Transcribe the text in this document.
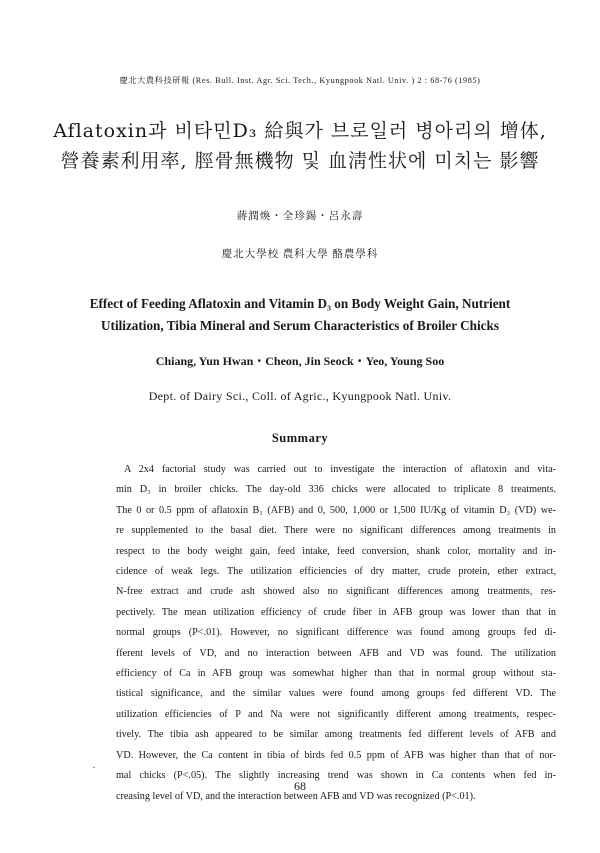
慶北大農科技研報 (Res. Bull. Inst. Agr. Sci. Tech., Kyungpook Natl. Univ. ) 2 : 68-76 (1985)
Aflatoxin과 비타민D₃ 給與가 브로일러 병아리의 增体,
營養素利用率, 脛骨無機物 및 血淸性状에 미치는 影響
蔣潤煥・全珍錫・呂永壽
慶北大學校 農科大學 酪農學科
Effect of Feeding Aflatoxin and Vitamin D₃ on Body Weight Gain, Nutrient
Utilization, Tibia Mineral and Serum Characteristics of Broiler Chicks
Chiang, Yun Hwan・Cheon, Jin Seock・Yeo, Young Soo
Dept. of Dairy Sci., Coll. of Agric., Kyungpook Natl. Univ.
Summary
A 2x4 factorial study was carried out to investigate the interaction of aflatoxin and vita-
min D₃ in broiler chicks. The day-old 336 chicks were allocated to triplicate 8 treatments.
The 0 or 0.5 ppm of aflatoxin B₁ (AFB) and 0, 500, 1,000 or 1,500 IU/Kg of vitamin D₃ (VD) we-
re supplemented to the basal diet. There were no significant differences among treatments in
respect to the body weight gain, feed intake, feed conversion, shank color, mortality and in-
cidence of weak legs. The utilization efficiencies of dry matter, crude protein, ether extract,
N-free extract and crude ash showed also no significant differences among treatments, res-
pectively. The mean utilization efficiency of crude fiber in AFB group was lower than that in
normal groups (P<.01). However, no significant difference was found among groups fed di-
fferent levels of VD, and no interaction between AFB and VD was found. The utilization
efficiency of Ca in AFB group was somewhat higher than that in normal group without sta-
tistical significance, and the similar values were found among groups fed different VD. The
utilization efficiencies of P and Na were not significantly different among treatments, respec-
tively. The tibia ash appeared to be similar among treatments fed different levels of AFB and
VD. However, the Ca content in tibia of birds fed 0.5 ppm of AFB was higher than that of nor-
mal chicks (P<.05). The slightly increasing trend was shown in Ca contents when fed in-
creasing level of VD, and the interaction between AFB and VD was recognized (P<.01).
·
68
